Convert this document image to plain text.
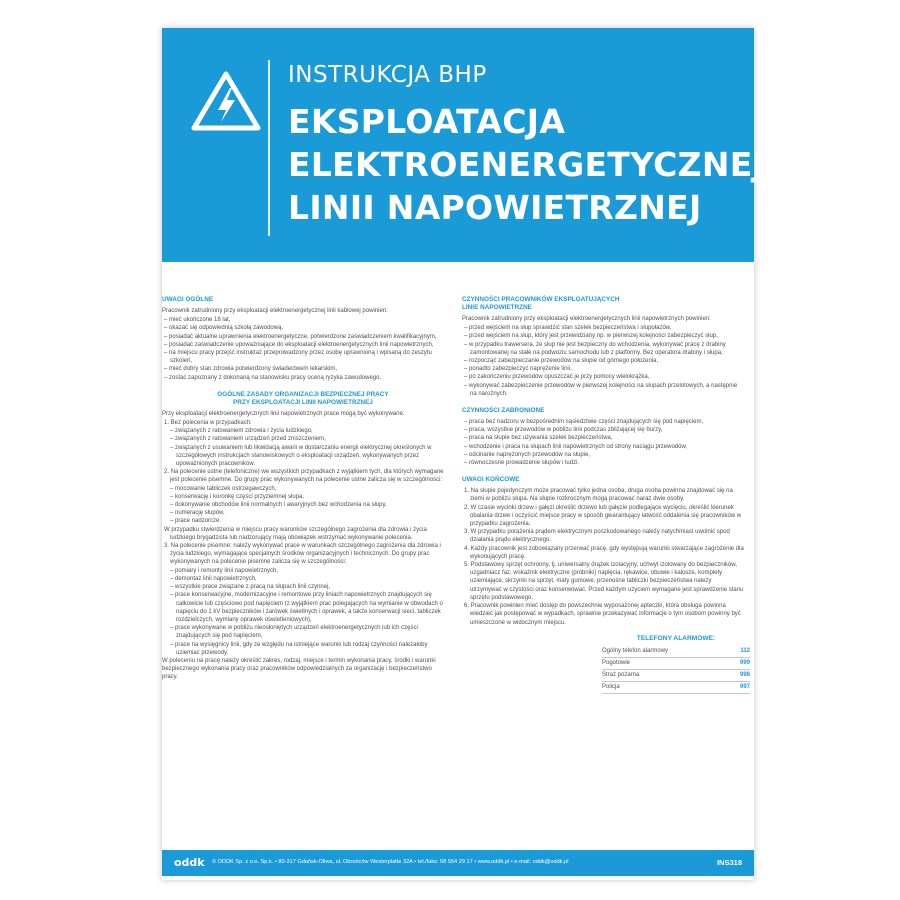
INSTRUKCJA BHP
EKSPLOATACJA
ELEKTROENERGETYCZNEJ
LINII NAPOWIETRZNEJ
UWAGI OGÓLNE

Pracownik zatrudniony przy eksploatacji elektroenergetycznej linii kablowej powinien:

– mieć ukończone 18 lat,
– okazać się odpowiednią szkołą zawodową,
– posiadać aktualne uprawnienia elektroenergetyczne, potwierdzone zaświadczeniem kwalifikacyjnym,
– posiadać zaświadczenie upoważniające do eksploatacji elektroenergetycznych linii napowietrznych,
– na miejscu pracy przejść instruktaż przeprowadzony przez osobę uprawnioną i wpisaną do zeszytu szkoleń,
– mieć dobry stan zdrowia potwierdzony świadectwem lekarskim,
– zostać zapoznany z dokonaną na stanowisku pracy oceną ryzyka zawodowego.
OGÓLNE ZASADY ORGANIZACJI BEZPIECZNEJ PRACY
PRZY EKSPLOATACJI LINII NAPOWIETRZNEJ

Przy eksploatacji elektroenergetycznych linii napowietrznych prace mogą być wykonywane:

1. Bez polecenia w przypadkach:
– związanych z ratowaniem zdrowia i życia ludzkiego,
– związanych z ratowaniem urządzeń przed zniszczeniem,
– związanych z usuwaniem lub likwidacją awarii w dostarczaniu energii elektrycznej określonych w szczegółowych instrukcjach stanowiskowych o eksploatacji urządzeń, wykonywanych przez upoważnionych pracowników.
2. Na polecenie ustne (telefoniczne) we wszystkich przypadkach z wyjątkiem tych, dla których wymagane jest polecenie pisemne. Do grupy prac wykonywanych na polecenie ustne zalicza się w szczególności:
– mocowanie tabliczek ostrzegawczych,
– konserwację i koronkę części przyziemnej słupa,
– dokonywanie obchodów linii normalnych i awaryjnych bez wchodzenia na słupy,
– numerację słupów,
– prace nadzorcze.
W przypadku stwierdzenia w miejscu pracy warunków szczególnego zagrożenia dla zdrowia i życia ludzkiego brygadzista lub nadzorujący mają obowiązek wstrzymać wykonywanie polecenia.
3. Na polecenie pisemne: należy wykonywać prace w warunkach szczególnego zagrożenia dla zdrowia i życia ludzkiego, wymagające specjalnych środków organizacyjnych i technicznych. Do grupy prac wykonywanych na polecenie pisemne zalicza się w szczególności:
– pomiary i remonty linii napowietrznych,
– demontaż linii napowietrznych,
– wszystkie prace związane z pracą na słupach linii czynnej,
– prace konserwacyjne, modernizacyjne i remontowe przy liniach napowietrznych znajdujących się całkowicie lub częściowo pod napięciem (z wyjątkiem prac polegających na wymianie w obwodach o napięciu do 1 kV bezpieczników i żarówek świetlnych i oprawek, a także konserwacji sieci, tabliczek rozdzielczych, wymiany oprawek oświetleniowych),
– prace wykonywane w pobliżu nieosłoniętych urządzeń elektroenergetycznych lub ich części znajdujących się pod napięciem,
– prace na wysięgnicy linii, gdy ze względu na istniejące warunki lub rodzaj czynności należałoby uziemiać przewody.

W poleceniu na pracę należy określić zakres, rodzaj, miejsce i termin wykonania pracy, środki i warunki bezpiecznego wykonania pracy oraz pracowników odpowiedzialnych za organizację i bezpieczeństwo pracy.

CZYNNOŚCI PRACOWNIKÓW EKSPLOATUJĄCYCH
LINIE NAPOWIETRZNE

Pracownik zatrudniony przy eksploatacji elektroenergetycznych linii napowietrznych powinien:

– przed wejściem na słup sprawdzić stan szelek bezpieczeństwa i słupołazów,
– przed wejściem na słup, który jest przewidziany np. w pierwszej kolejności zabezpieczyć słup,
– w przypadku trawersera, że słup nie jest bezpieczny do wchodzenia, wykonywać pracę z drabiny zamontowanej na stałe na podwoziu samochodu lub z platformy. Bez operatora drabiny i słupa,
– rozpocząć zabezpieczanie przewodów na słupie od górnego położenia,
– ponadto zabezpieczyć naprężenie linii,
– po zakończeniu przewodów opuszczać je przy pomocy wielokrążka,
– wykonywać zabezpieczenie przewodów w pierwszej kolejności na słupach przelotowych, a następnie na narożnych.
CZYNNOŚCI ZABRONIONE
– praca bez nadzoru w bezpośrednim sąsiedztwie części znajdujących się pod napięciem,
– praca, wszystkie przewodów w pobliżu linii podczas zbliżającej się burzy,
– praca na słupie bez używania szelek bezpieczeństwa,
– wchodzenie i praca na słupach linii napowietrznych od strony naciągu przewodów,
– odcinanie naprężonych przewodów na słupie,
– równoczesne prowadzenie słupów i ludzi.
UWAGI KOŃCOWE
1. Na słupie pojedynczym może pracować tylko jedna osoba, druga osoba powinna znajdować się na ziemi w pobliżu słupa. Na słupie rozkrocznym mogą pracować naraz dwie osoby.
2. W czasie wycinki drzew i gałęzi określić drzewo lub gałęzie podlegające wycięciu, określić kierunek obalania drzew i oczyścić miejsce pracy w sposób gwarantujący łatwość oddalenia się pracowników w przypadku zagrożenia.
3. W przypadku porażenia prądem elektrycznym poszkodowanego należy natychmiast uwolnić spod działania prądu elektrycznego.
4. Każdy pracownik jest zobowiązany przerwać pracę, gdy występują warunki stwarzające zagrożenie dla wykonujących pracę.
5. Podstawowy sprzęt ochronny, tj. uniwersalny drążek izolacyjny, uchwyt izolowany do bezpieczników, uzgadniacz faz, wskaźnik elektryczne (próbniki) napięcia, rękawice, obuwie i kalosze, komplety uziemiające, skrzynki na sprzęt, maty gumowe, przenośne tabliczki bezpieczeństwa należy utrzymywać w czystości oraz konserwować. Przed każdym użyciem wymagane jest sprawdzenie stanu sprzętu podstawowego.
6. Pracownik powinien mieć dostęp do powszechnie wyposażonej apteczki, która obsługa powinna wiedzieć jak postępować w wypadkach, sprawnie przekazywać informacje o tym osobom powinny być umieszczone w widocznym miejscu.
TELEFONY ALARMOWE:
Ogólny telefon alarmowy	112
Pogotowie	999
Straż pożarna	998
Policja	997
oddk © ODDK Sp. z o.o. Sp.k. • 80-317 Gdańsk-Oliwa, ul. Obrońców Westerplatte 32A • tel./faks: 58 554 29 17 • www.oddk.pl • e-mail: oddk@oddk.pl	INS318
